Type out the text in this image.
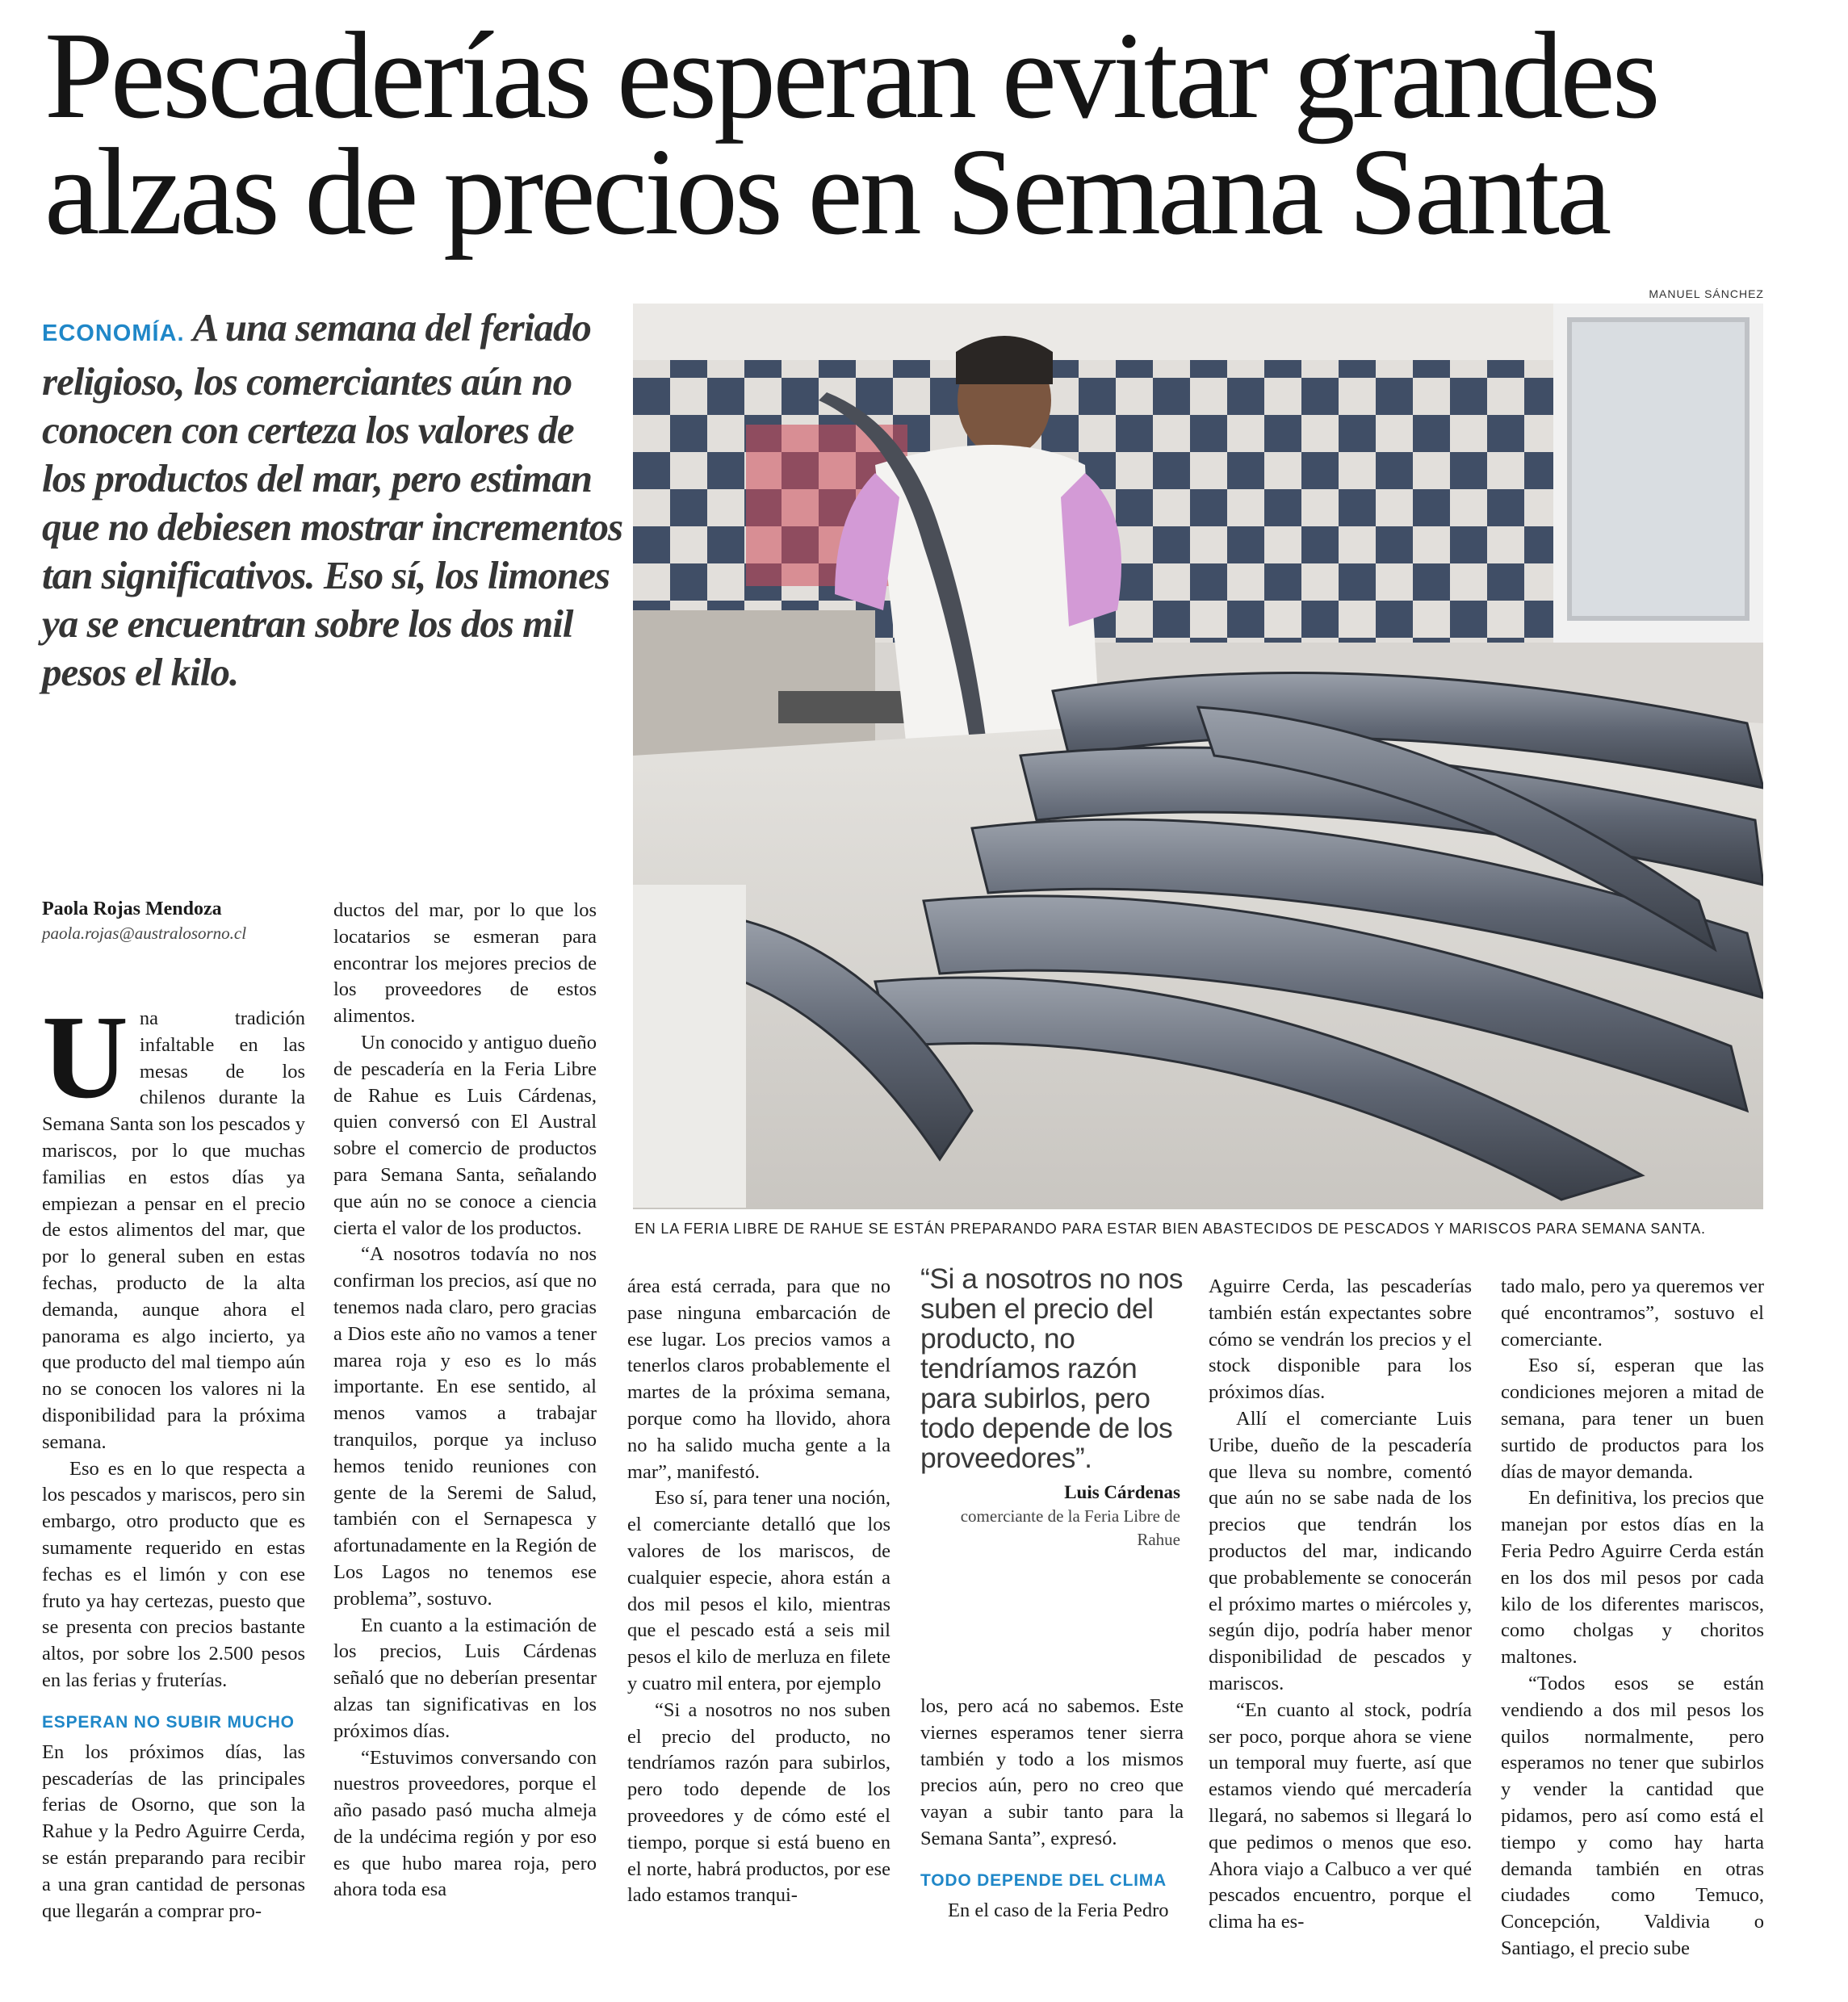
Pescaderías esperan evitar grandes alzas de precios en Semana Santa
ECONOMÍA. A una semana del feriado religioso, los comerciantes aún no conocen con certeza los valores de los productos del mar, pero estiman que no debiesen mostrar incrementos tan significativos. Eso sí, los limones ya se encuentran sobre los dos mil pesos el kilo.
MANUEL SÁNCHEZ
EN LA FERIA LIBRE DE RAHUE SE ESTÁN PREPARANDO PARA ESTAR BIEN ABASTECIDOS DE PESCADOS Y MARISCOS PARA SEMANA SANTA.

Paola Rojas Mendoza

paola.rojas@australosorno.cl

Una tradición infaltable en las mesas de los chilenos durante la Semana Santa son los pescados y mariscos, por lo que muchas familias en estos días ya empiezan a pensar en el precio de estos alimentos del mar, que por lo general suben en estas fechas, producto de la alta demanda, aunque ahora el panorama es algo incierto, ya que producto del mal tiempo aún no se conocen los valores ni la disponibilidad para la próxima semana.

Eso es en lo que respecta a los pescados y mariscos, pero sin embargo, otro producto que es sumamente requerido en estas fechas es el limón y con ese fruto ya hay certezas, puesto que se presenta con precios bastante altos, por sobre los 2.500 pesos en las ferias y fruterías.

ESPERAN NO SUBIR MUCHO

En los próximos días, las pescaderías de las principales ferias de Osorno, que son la Rahue y la Pedro Aguirre Cerda, se están preparando para recibir a una gran cantidad de personas que llegarán a comprar pro-

ductos del mar, por lo que los locatarios se esmeran para encontrar los mejores precios de los proveedores de estos alimentos.

Un conocido y antiguo dueño de pescadería en la Feria Libre de Rahue es Luis Cárdenas, quien conversó con El Austral sobre el comercio de productos para Semana Santa, señalando que aún no se conoce a ciencia cierta el valor de los productos.

“A nosotros todavía no nos confirman los precios, así que no tenemos nada claro, pero gracias a Dios este año no vamos a tener marea roja y eso es lo más importante. En ese sentido, al menos vamos a trabajar tranquilos, porque ya incluso hemos tenido reuniones con gente de la Seremi de Salud, también con el Sernapesca y afortunadamente en la Región de Los Lagos no tenemos ese problema”, sostuvo.

En cuanto a la estimación de los precios, Luis Cárdenas señaló que no deberían presentar alzas tan significativas en los próximos días.

“Estuvimos conversando con nuestros proveedores, porque el año pasado pasó mucha almeja de la undécima región y por eso es que hubo marea roja, pero ahora toda esa

área está cerrada, para que no pase ninguna embarcación de ese lugar. Los precios vamos a tenerlos claros probablemente el martes de la próxima semana, porque como ha llovido, ahora no ha salido mucha gente a la mar”, manifestó.

Eso sí, para tener una noción, el comerciante detalló que los valores de los mariscos, de cualquier especie, ahora están a dos mil pesos el kilo, mientras que el pescado está a seis mil pesos el kilo de merluza en filete y cuatro mil entera, por ejemplo

“Si a nosotros no nos suben el precio del producto, no tendríamos razón para subirlos, pero todo depende de los proveedores y de cómo esté el tiempo, porque si está bueno en el norte, habrá productos, por ese lado estamos tranqui-

“Si a nosotros no nos suben el precio del producto, no tendríamos razón para subirlos, pero todo depende de los proveedores”.

Luis Cárdenas

comerciante de la Feria Libre de Rahue

los, pero acá no sabemos. Este viernes esperamos tener sierra también y todo a los mismos precios aún, pero no creo que vayan a subir tanto para la Semana Santa”, expresó.

TODO DEPENDE DEL CLIMA

En el caso de la Feria Pedro

Aguirre Cerda, las pescaderías también están expectantes sobre cómo se vendrán los precios y el stock disponible para los próximos días.

Allí el comerciante Luis Uribe, dueño de la pescadería que lleva su nombre, comentó que aún no se sabe nada de los precios que tendrán los productos del mar, indicando que probablemente se conocerán el próximo martes o miércoles y, según dijo, podría haber menor disponibilidad de pescados y mariscos.

“En cuanto al stock, podría ser poco, porque ahora se viene un temporal muy fuerte, así que estamos viendo qué mercadería llegará, no sabemos si llegará lo que pedimos o menos que eso. Ahora viajo a Calbuco a ver qué pescados encuentro, porque el clima ha es-

tado malo, pero ya queremos ver qué encontramos”, sostuvo el comerciante.

Eso sí, esperan que las condiciones mejoren a mitad de semana, para tener un buen surtido de productos para los días de mayor demanda.

En definitiva, los precios que manejan por estos días en la Feria Pedro Aguirre Cerda están en los dos mil pesos por cada kilo de los diferentes mariscos, como cholgas y choritos maltones.

“Todos esos se están vendiendo a dos mil pesos los quilos normalmente, pero esperamos no tener que subirlos y vender la cantidad que pidamos, pero así como está el tiempo y como hay harta demanda también en otras ciudades como Temuco, Concepción, Valdivia o Santiago, el precio sube
